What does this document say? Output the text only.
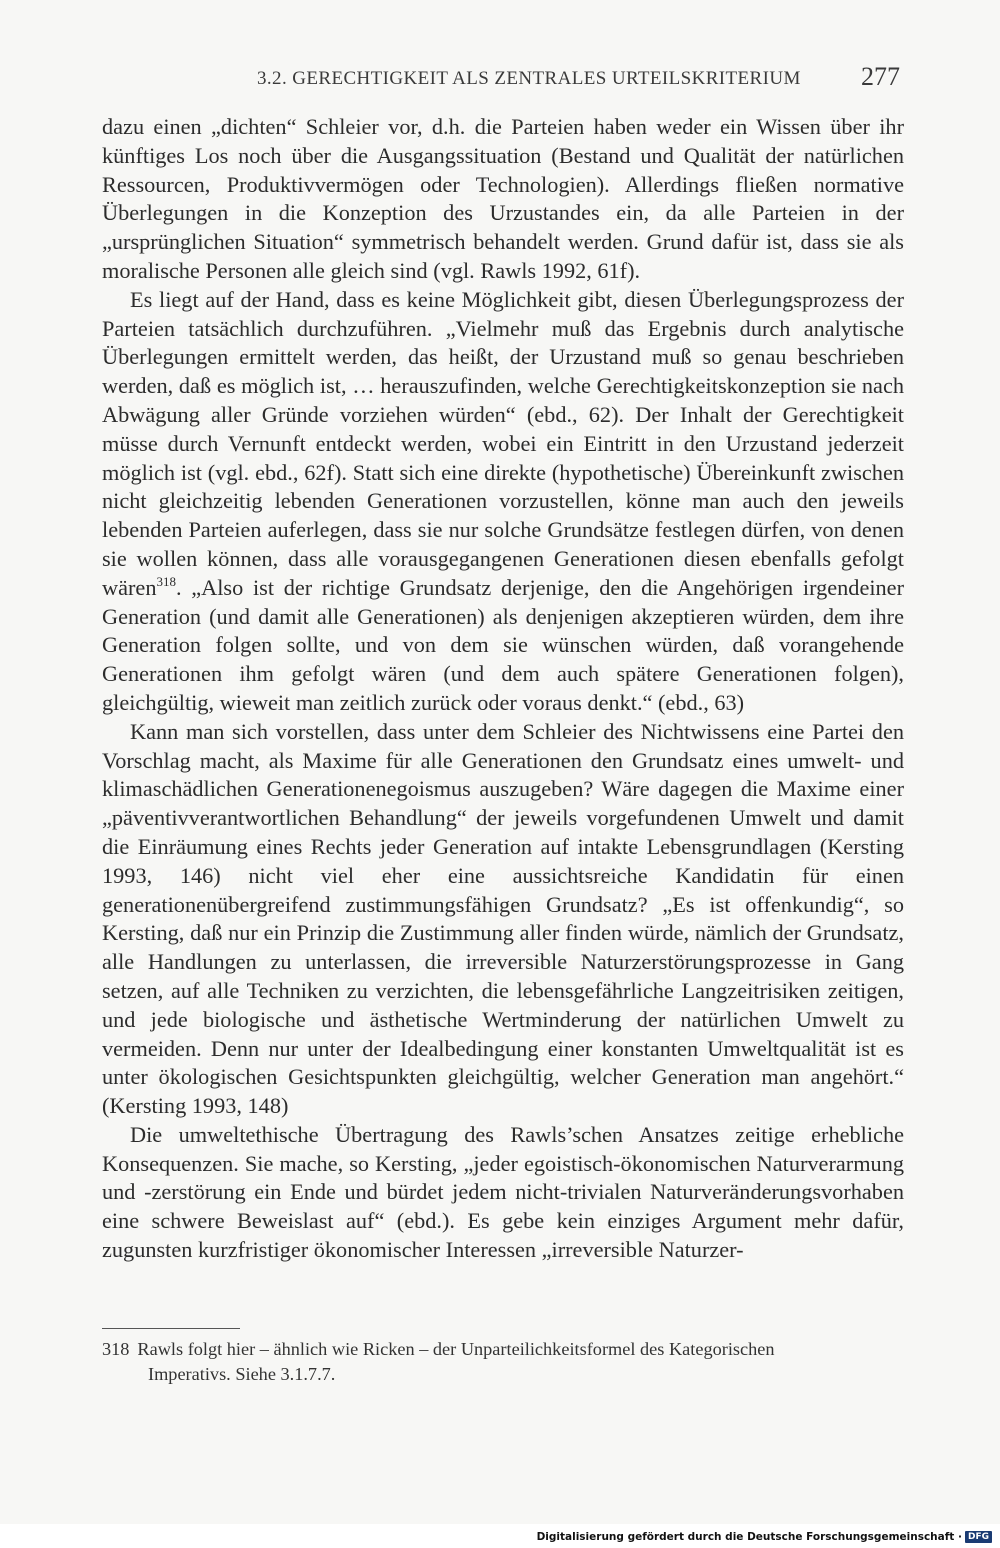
3.2. GERECHTIGKEIT ALS ZENTRALES URTEILSKRITERIUM 277

dazu einen „dichten“ Schleier vor, d.h. die Parteien haben weder ein Wissen über ihr künftiges Los noch über die Ausgangssituation (Bestand und Qualität der natürlichen Ressourcen, Produktivvermögen oder Technologien). Allerdings fließen normative Überlegungen in die Konzeption des Urzustandes ein, da alle Parteien in der „ursprünglichen Situation“ symmetrisch behandelt werden. Grund dafür ist, dass sie als moralische Personen alle gleich sind (vgl. Rawls 1992, 61f).

Es liegt auf der Hand, dass es keine Möglichkeit gibt, diesen Überlegungsprozess der Parteien tatsächlich durchzuführen. „Vielmehr muß das Ergebnis durch analytische Überlegungen ermittelt werden, das heißt, der Urzustand muß so genau beschrieben werden, daß es möglich ist, … herauszufinden, welche Gerechtigkeitskonzeption sie nach Abwägung aller Gründe vorziehen würden“ (ebd., 62). Der Inhalt der Gerechtigkeit müsse durch Vernunft entdeckt werden, wobei ein Eintritt in den Urzustand jederzeit möglich ist (vgl. ebd., 62f). Statt sich eine direkte (hypothetische) Übereinkunft zwischen nicht gleichzeitig lebenden Generationen vorzustellen, könne man auch den jeweils lebenden Parteien auferlegen, dass sie nur solche Grundsätze festlegen dürfen, von denen sie wollen können, dass alle vorausgegangenen Generationen diesen ebenfalls gefolgt wären$^{318}$. „Also ist der richtige Grundsatz derjenige, den die Angehörigen irgendeiner Generation (und damit alle Generationen) als denjenigen akzeptieren würden, dem ihre Generation folgen sollte, und von dem sie wünschen würden, daß vorangehende Generationen ihm gefolgt wären (und dem auch spätere Generationen folgen), gleichgültig, wieweit man zeitlich zurück oder voraus denkt.“ (ebd., 63)

Kann man sich vorstellen, dass unter dem Schleier des Nichtwissens eine Partei den Vorschlag macht, als Maxime für alle Generationen den Grundsatz eines umwelt- und klimaschädlichen Generationenegoismus auszugeben? Wäre dagegen die Maxime einer „päventivverantwortlichen Behandlung“ der jeweils vorgefundenen Umwelt und damit die Einräumung eines Rechts jeder Generation auf intakte Lebensgrundlagen (Kersting 1993, 146) nicht viel eher eine aussichtsreiche Kandidatin für einen generationenübergreifend zustimmungsfähigen Grundsatz? „Es ist offenkundig“, so Kersting, daß nur ein Prinzip die Zustimmung aller finden würde, nämlich der Grundsatz, alle Handlungen zu unterlassen, die irreversible Naturzerstörungsprozesse in Gang setzen, auf alle Techniken zu verzichten, die lebensgefährliche Langzeitrisiken zeitigen, und jede biologische und ästhetische Wertminderung der natürlichen Umwelt zu vermeiden. Denn nur unter der Idealbedingung einer konstanten Umweltqualität ist es unter ökologischen Gesichtspunkten gleichgültig, welcher Generation man angehört.“ (Kersting 1993, 148)

Die umweltethische Übertragung des Rawls’schen Ansatzes zeitige erhebliche Konsequenzen. Sie mache, so Kersting, „jeder egoistisch-ökonomischen Naturverarmung und -zerstörung ein Ende und bürdet jedem nicht-trivialen Naturveränderungsvorhaben eine schwere Beweislast auf“ (ebd.). Es gebe kein einziges Argument mehr dafür, zugunsten kurzfristiger ökonomischer Interessen „irreversible Naturzer-

318 Rawls folgt hier – ähnlich wie Ricken – der Unparteilichkeitsformel des Kategorischen
Imperativs. Siehe 3.1.7.7.
Digitalisierung gefördert durch die Deutsche Forschungsgemeinschaft · DFG
